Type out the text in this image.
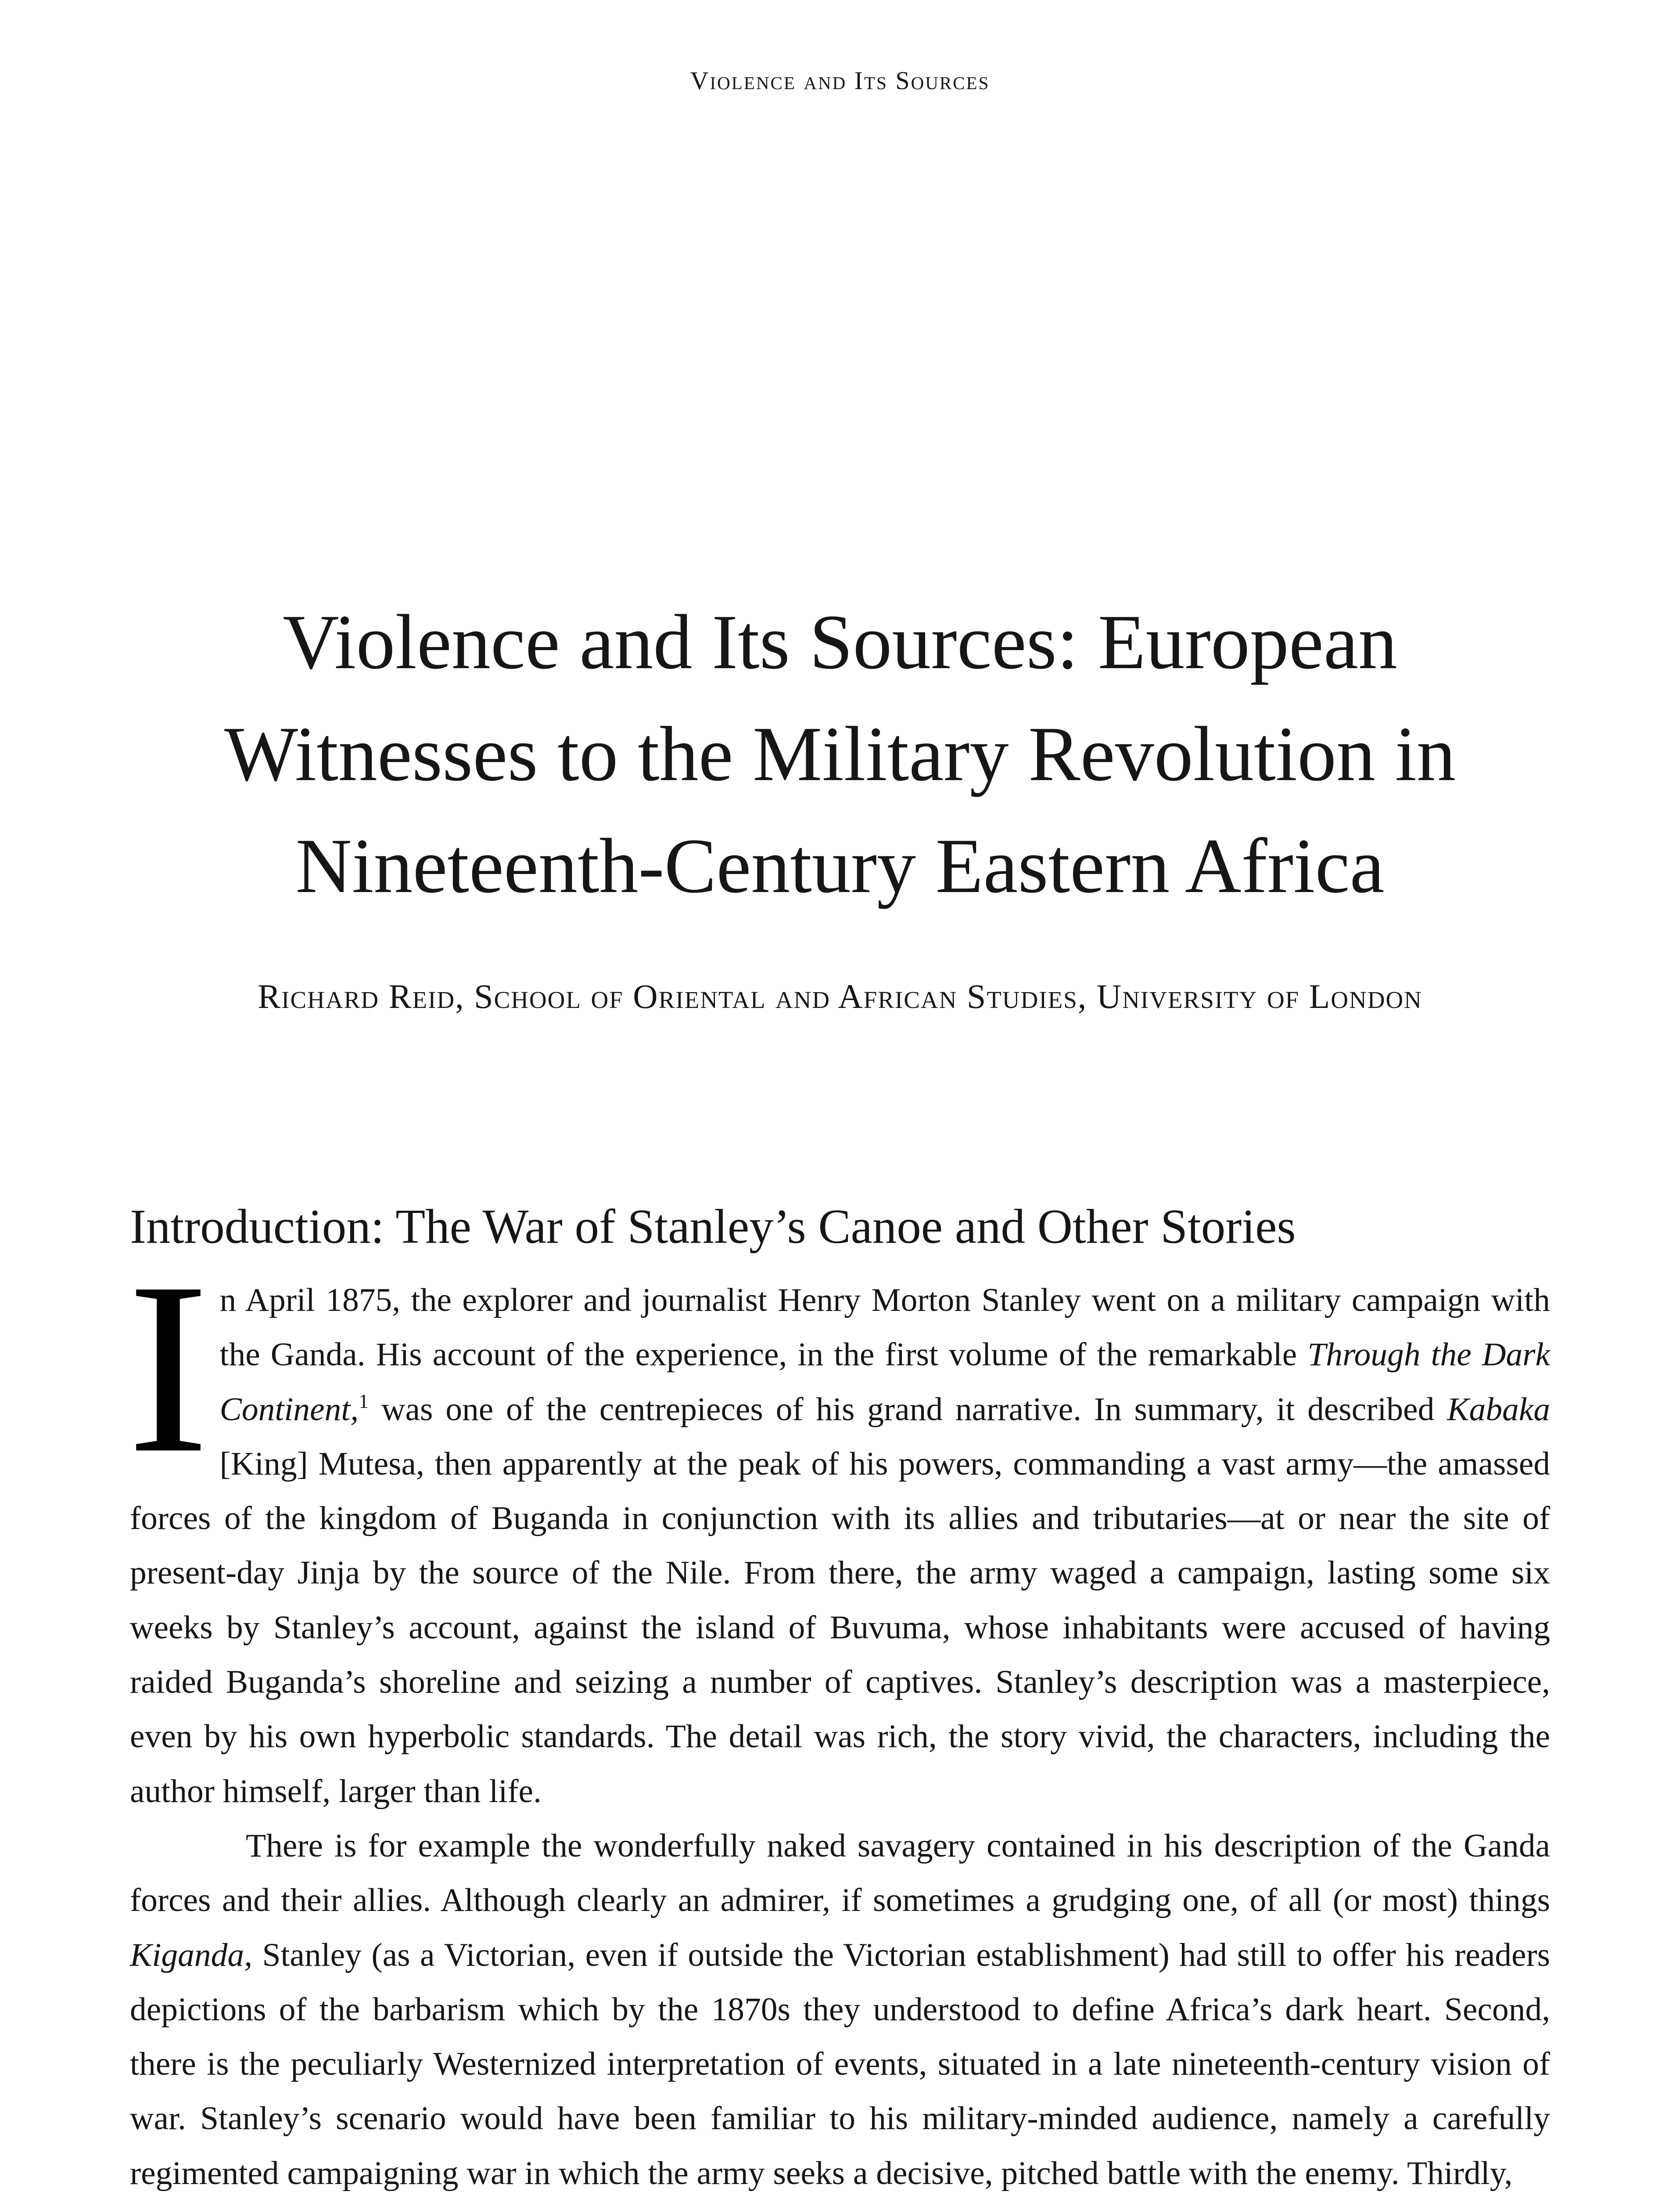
Violence and Its Sources
Violence and Its Sources: European Witnesses to the Military Revolution in Nineteenth-Century Eastern Africa
Richard Reid, School of Oriental and African Studies, University of London
Introduction: The War of Stanley’s Canoe and Other Stories

In April 1875, the explorer and journalist Henry Morton Stanley went on a military campaign with the Ganda. His account of the experience, in the first volume of the remarkable Through the Dark Continent,$^1$ was one of the centrepieces of his grand narrative. In summary, it described Kabaka [King] Mutesa, then apparently at the peak of his powers, commanding a vast army—the amassed forces of the kingdom of Buganda in conjunction with its allies and tributaries—at or near the site of present-day Jinja by the source of the Nile. From there, the army waged a campaign, lasting some six weeks by Stanley’s account, against the island of Buvuma, whose inhabitants were accused of having raided Buganda’s shoreline and seizing a number of captives. Stanley’s description was a masterpiece, even by his own hyperbolic standards. The detail was rich, the story vivid, the characters, including the author himself, larger than life.

There is for example the wonderfully naked savagery contained in his description of the Ganda forces and their allies. Although clearly an admirer, if sometimes a grudging one, of all (or most) things Kiganda, Stanley (as a Victorian, even if outside the Victorian establishment) had still to offer his readers depictions of the barbarism which by the 1870s they understood to define Africa’s dark heart. Second, there is the peculiarly Westernized interpretation of events, situated in a late nineteenth-century vision of war. Stanley’s scenario would have been familiar to his military-minded audience, namely a carefully regimented campaigning war in which the army seeks a decisive, pitched battle with the enemy. Thirdly,
